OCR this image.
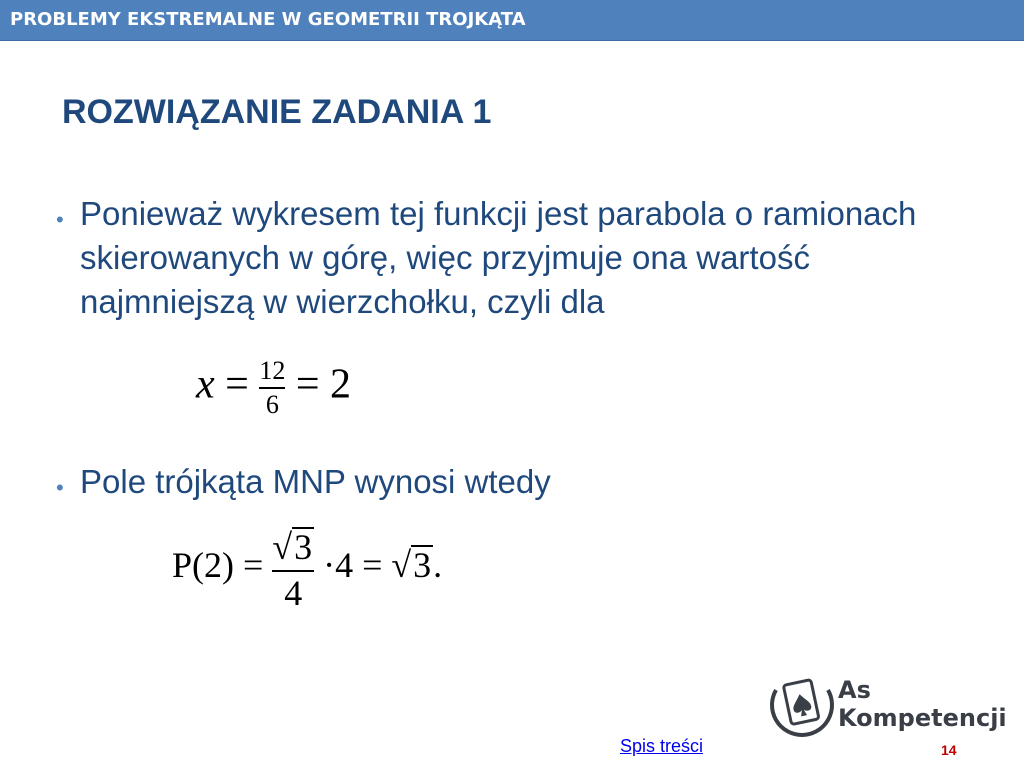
PROBLEMY EKSTREMALNE W GEOMETRII TROJKĄTA
ROZWIĄZANIE ZADANIA 1
• Ponieważ wykresem tej funkcji jest parabola o ramionach skierowanych w górę, więc przyjmuje ona wartość najmniejszą w wierzchołku, czyli dla
$x = \frac{12}{6} = 2$
• Pole trójkąta MNP wynosi wtedy
$P(2) = \frac{√3}{4} \cdot 4 = √3$.
As
Kompetencji
Spis treści	14
